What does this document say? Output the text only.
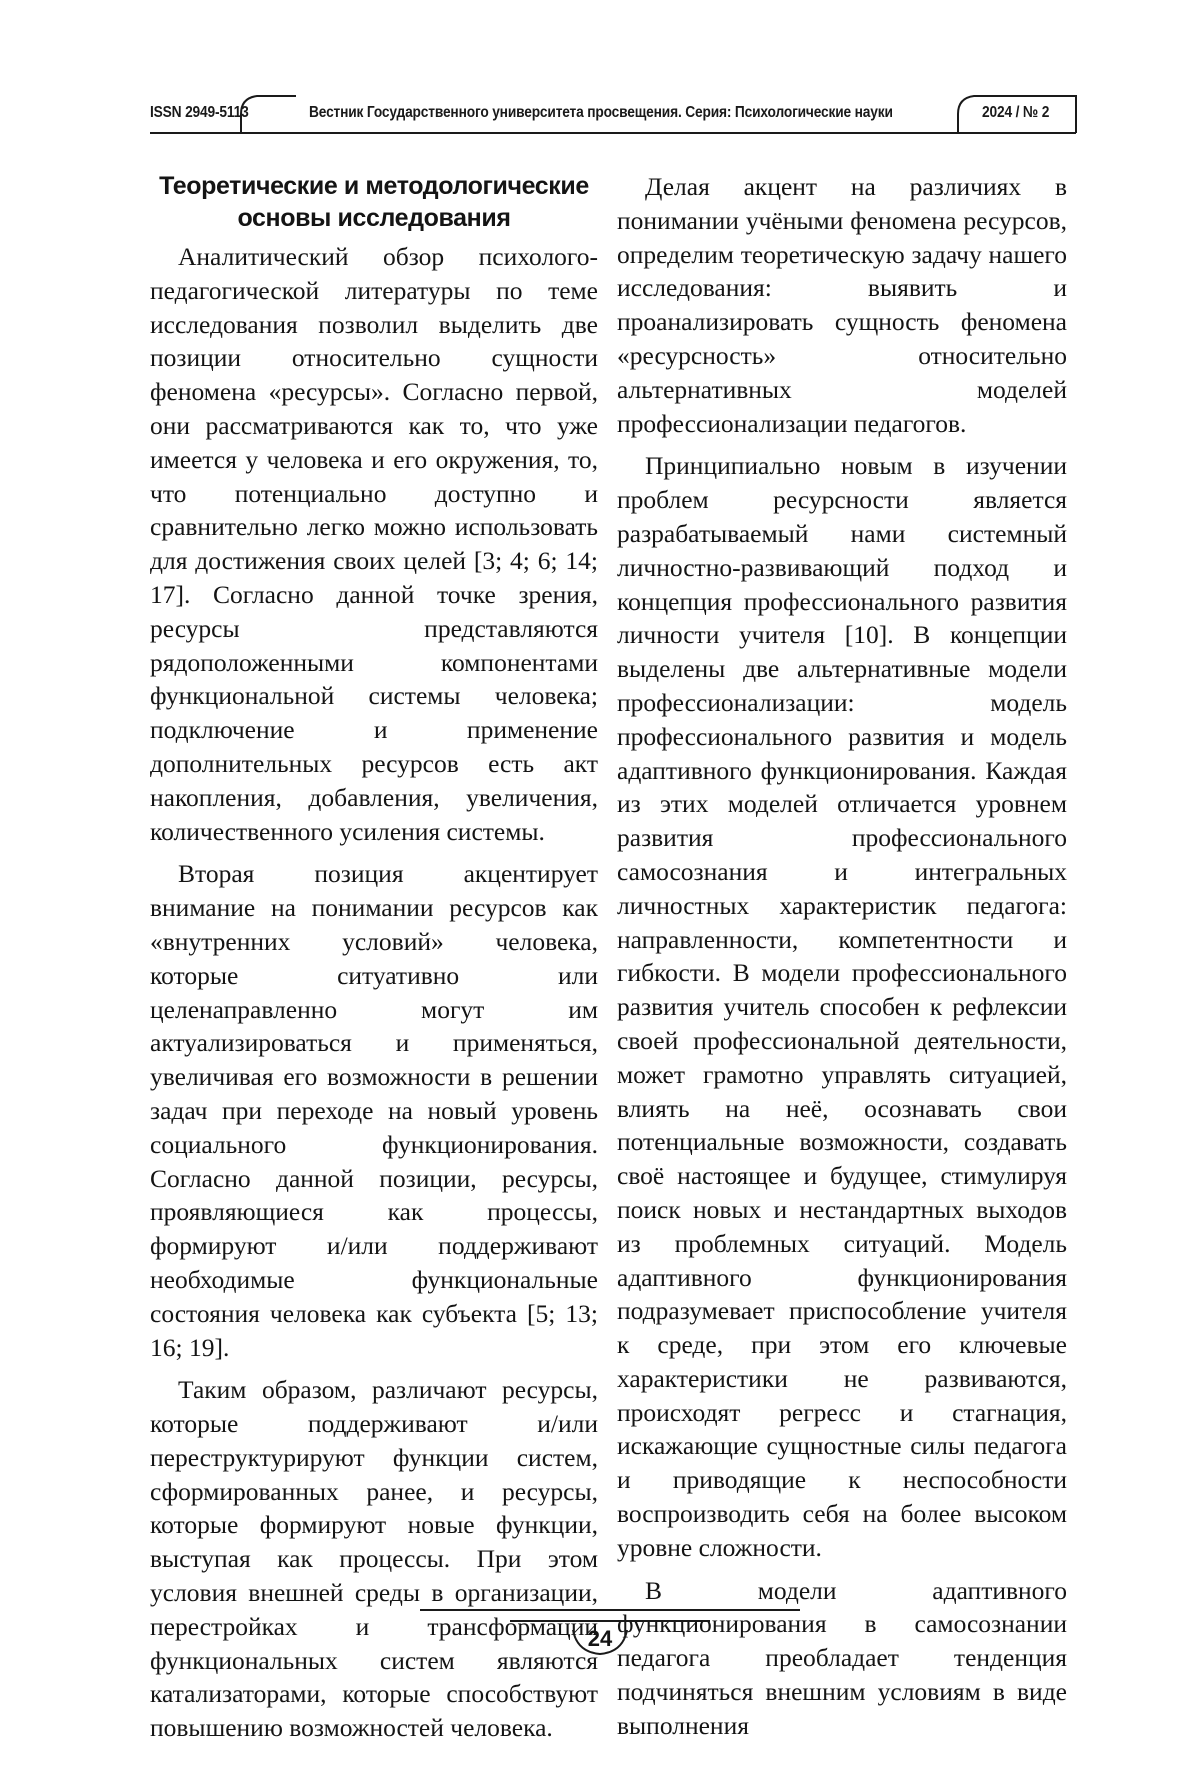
ISSN 2949-5113	Вестник Государственного университета просвещения. Серия: Психологические науки	2024 / № 2
Теоретические и методологические основы исследования

Аналитический обзор психолого-педагогической литературы по теме исследования позволил выделить две позиции относительно сущности феномена «ресурсы». Согласно первой, они рассматриваются как то, что уже имеется у человека и его окружения, то, что потенциально доступно и сравнительно легко можно использовать для достижения своих целей [3; 4; 6; 14; 17]. Согласно данной точке зрения, ресурсы представляются рядоположенными компонентами функциональной системы человека; подключение и применение дополнительных ресурсов есть акт накопления, добавления, увеличения, количественного усиления системы.

Вторая позиция акцентирует внимание на понимании ресурсов как «внутренних условий» человека, которые ситуативно или целенаправленно могут им актуализироваться и применяться, увеличивая его возможности в решении задач при переходе на новый уровень социального функционирования. Согласно данной позиции, ресурсы, проявляющиеся как процессы, формируют и/или поддерживают необходимые функциональные состояния человека как субъекта [5; 13; 16; 19].

Таким образом, различают ресурсы, которые поддерживают и/или переструктурируют функции систем, сформированных ранее, и ресурсы, которые формируют новые функции, выступая как процессы. При этом условия внешней среды в организации, перестройках и трансформации функциональных систем являются катализаторами, которые способствуют повышению возможностей человека.

Делая акцент на различиях в понимании учёными феномена ресурсов, определим теоретическую задачу нашего исследования: выявить и проанализировать сущность феномена «ресурсность» относительно альтернативных моделей профессионализации педагогов.

Принципиально новым в изучении проблем ресурсности является разрабатываемый нами системный личностно-развивающий подход и концепция профессионального развития личности учителя [10]. В концепции выделены две альтернативные модели профессионализации: модель профессионального развития и модель адаптивного функционирования. Каждая из этих моделей отличается уровнем развития профессионального самосознания и интегральных личностных характеристик педагога: направленности, компетентности и гибкости. В модели профессионального развития учитель способен к рефлексии своей профессиональной деятельности, может грамотно управлять ситуацией, влиять на неё, осознавать свои потенциальные возможности, создавать своё настоящее и будущее, стимулируя поиск новых и нестандартных выходов из проблемных ситуаций. Модель адаптивного функционирования подразумевает приспособление учителя к среде, при этом его ключевые характеристики не развиваются, происходят регресс и стагнация, искажающие сущностные силы педагога и приводящие к неспособности воспроизводить себя на более высоком уровне сложности.

В модели адаптивного функционирования в самосознании педагога преобладает тенденция подчиняться внешним условиям в виде выполнения

24
